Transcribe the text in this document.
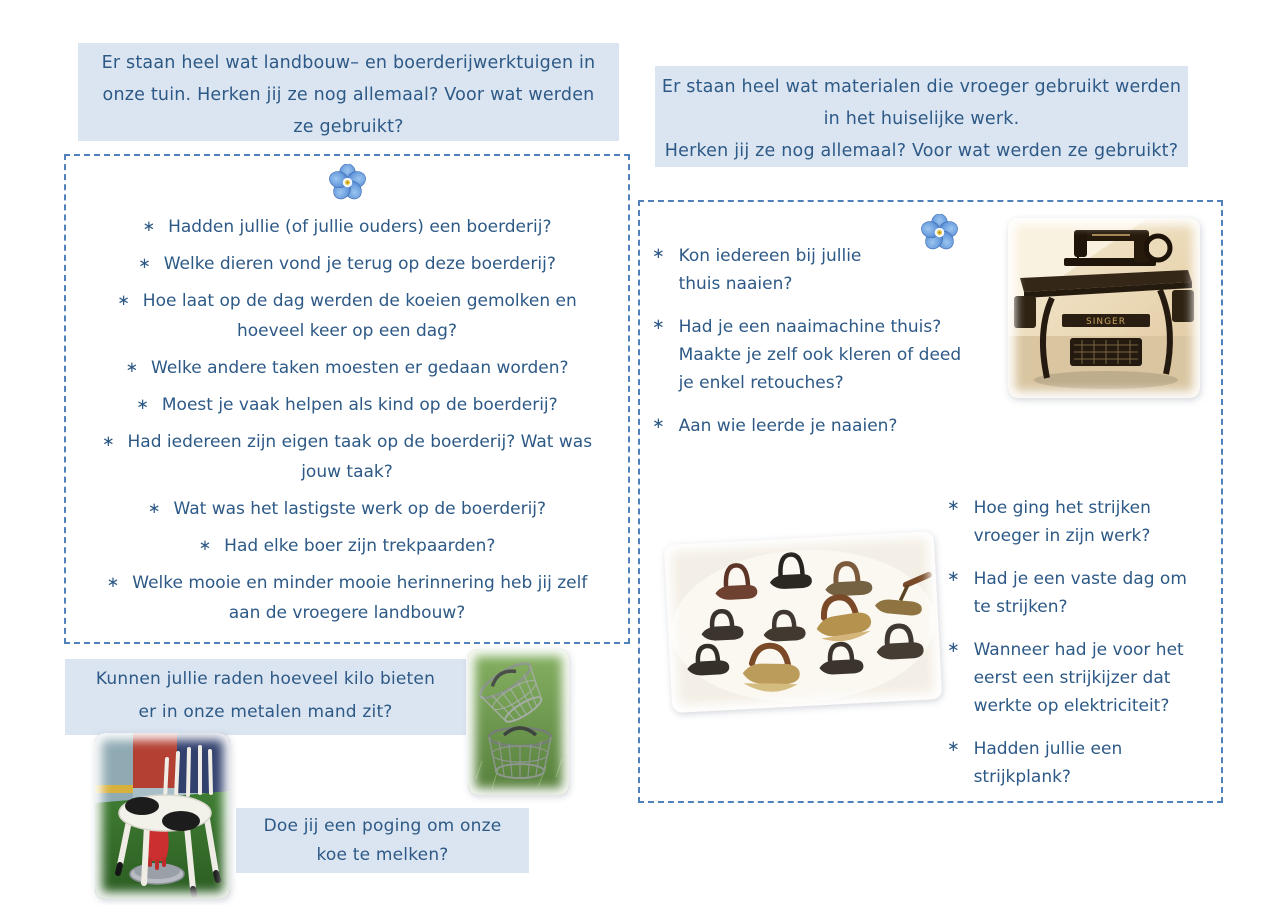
Er staan heel wat landbouw– en boerderijwerktuigen in
onze tuin. Herken jij ze nog allemaal? Voor wat werden
ze gebruikt?
Er staan heel wat materialen die vroeger gebruikt werden
in het huiselijke werk.
Herken jij ze nog allemaal? Voor wat werden ze gebruikt?
∗ Hadden jullie (of jullie ouders) een boerderij?
∗ Welke dieren vond je terug op deze boerderij?
∗ Hoe laat op de dag werden de koeien gemolken en
hoeveel keer op een dag?
∗ Welke andere taken moesten er gedaan worden?
∗ Moest je vaak helpen als kind op de boerderij?
∗ Had iedereen zijn eigen taak op de boerderij? Wat was
jouw taak?
∗ Wat was het lastigste werk op de boerderij?
∗ Had elke boer zijn trekpaarden?
∗ Welke mooie en minder mooie herinnering heb jij zelf
aan de vroegere landbouw?
∗ Kon iedereen bij jullie
thuis naaien?
∗ Had je een naaimachine thuis?
Maakte je zelf ook kleren of deed
je enkel retouches?
∗ Aan wie leerde je naaien?
SINGER
∗ Hoe ging het strijken
vroeger in zijn werk?
∗ Had je een vaste dag om
te strijken?
∗ Wanneer had je voor het
eerst een strijkijzer dat
werkte op elektriciteit?
∗ Hadden jullie een
strijkplank?
Kunnen jullie raden hoeveel kilo bieten
er in onze metalen mand zit?
Doe jij een poging om onze
koe te melken?
